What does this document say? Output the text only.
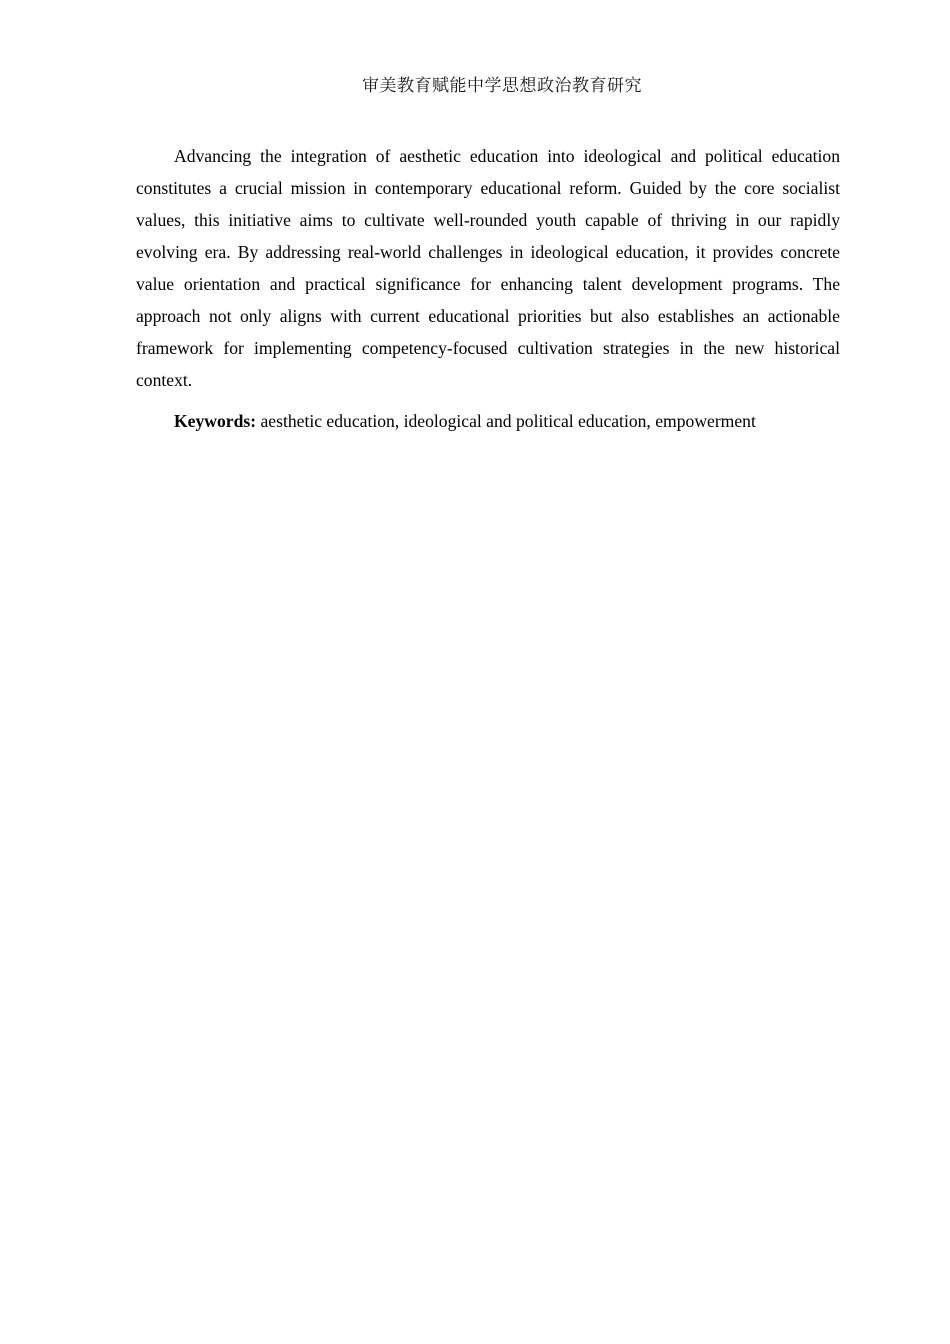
审美教育赋能中学思想政治教育研究

Advancing the integration of aesthetic education into ideological and political education constitutes a crucial mission in contemporary educational reform. Guided by the core socialist values, this initiative aims to cultivate well-rounded youth capable of thriving in our rapidly evolving era. By addressing real-world challenges in ideological education, it provides concrete value orientation and practical significance for enhancing talent development programs. The approach not only aligns with current educational priorities but also establishes an actionable framework for implementing competency-focused cultivation strategies in the new historical context.

Keywords: aesthetic education, ideological and political education, empowerment
